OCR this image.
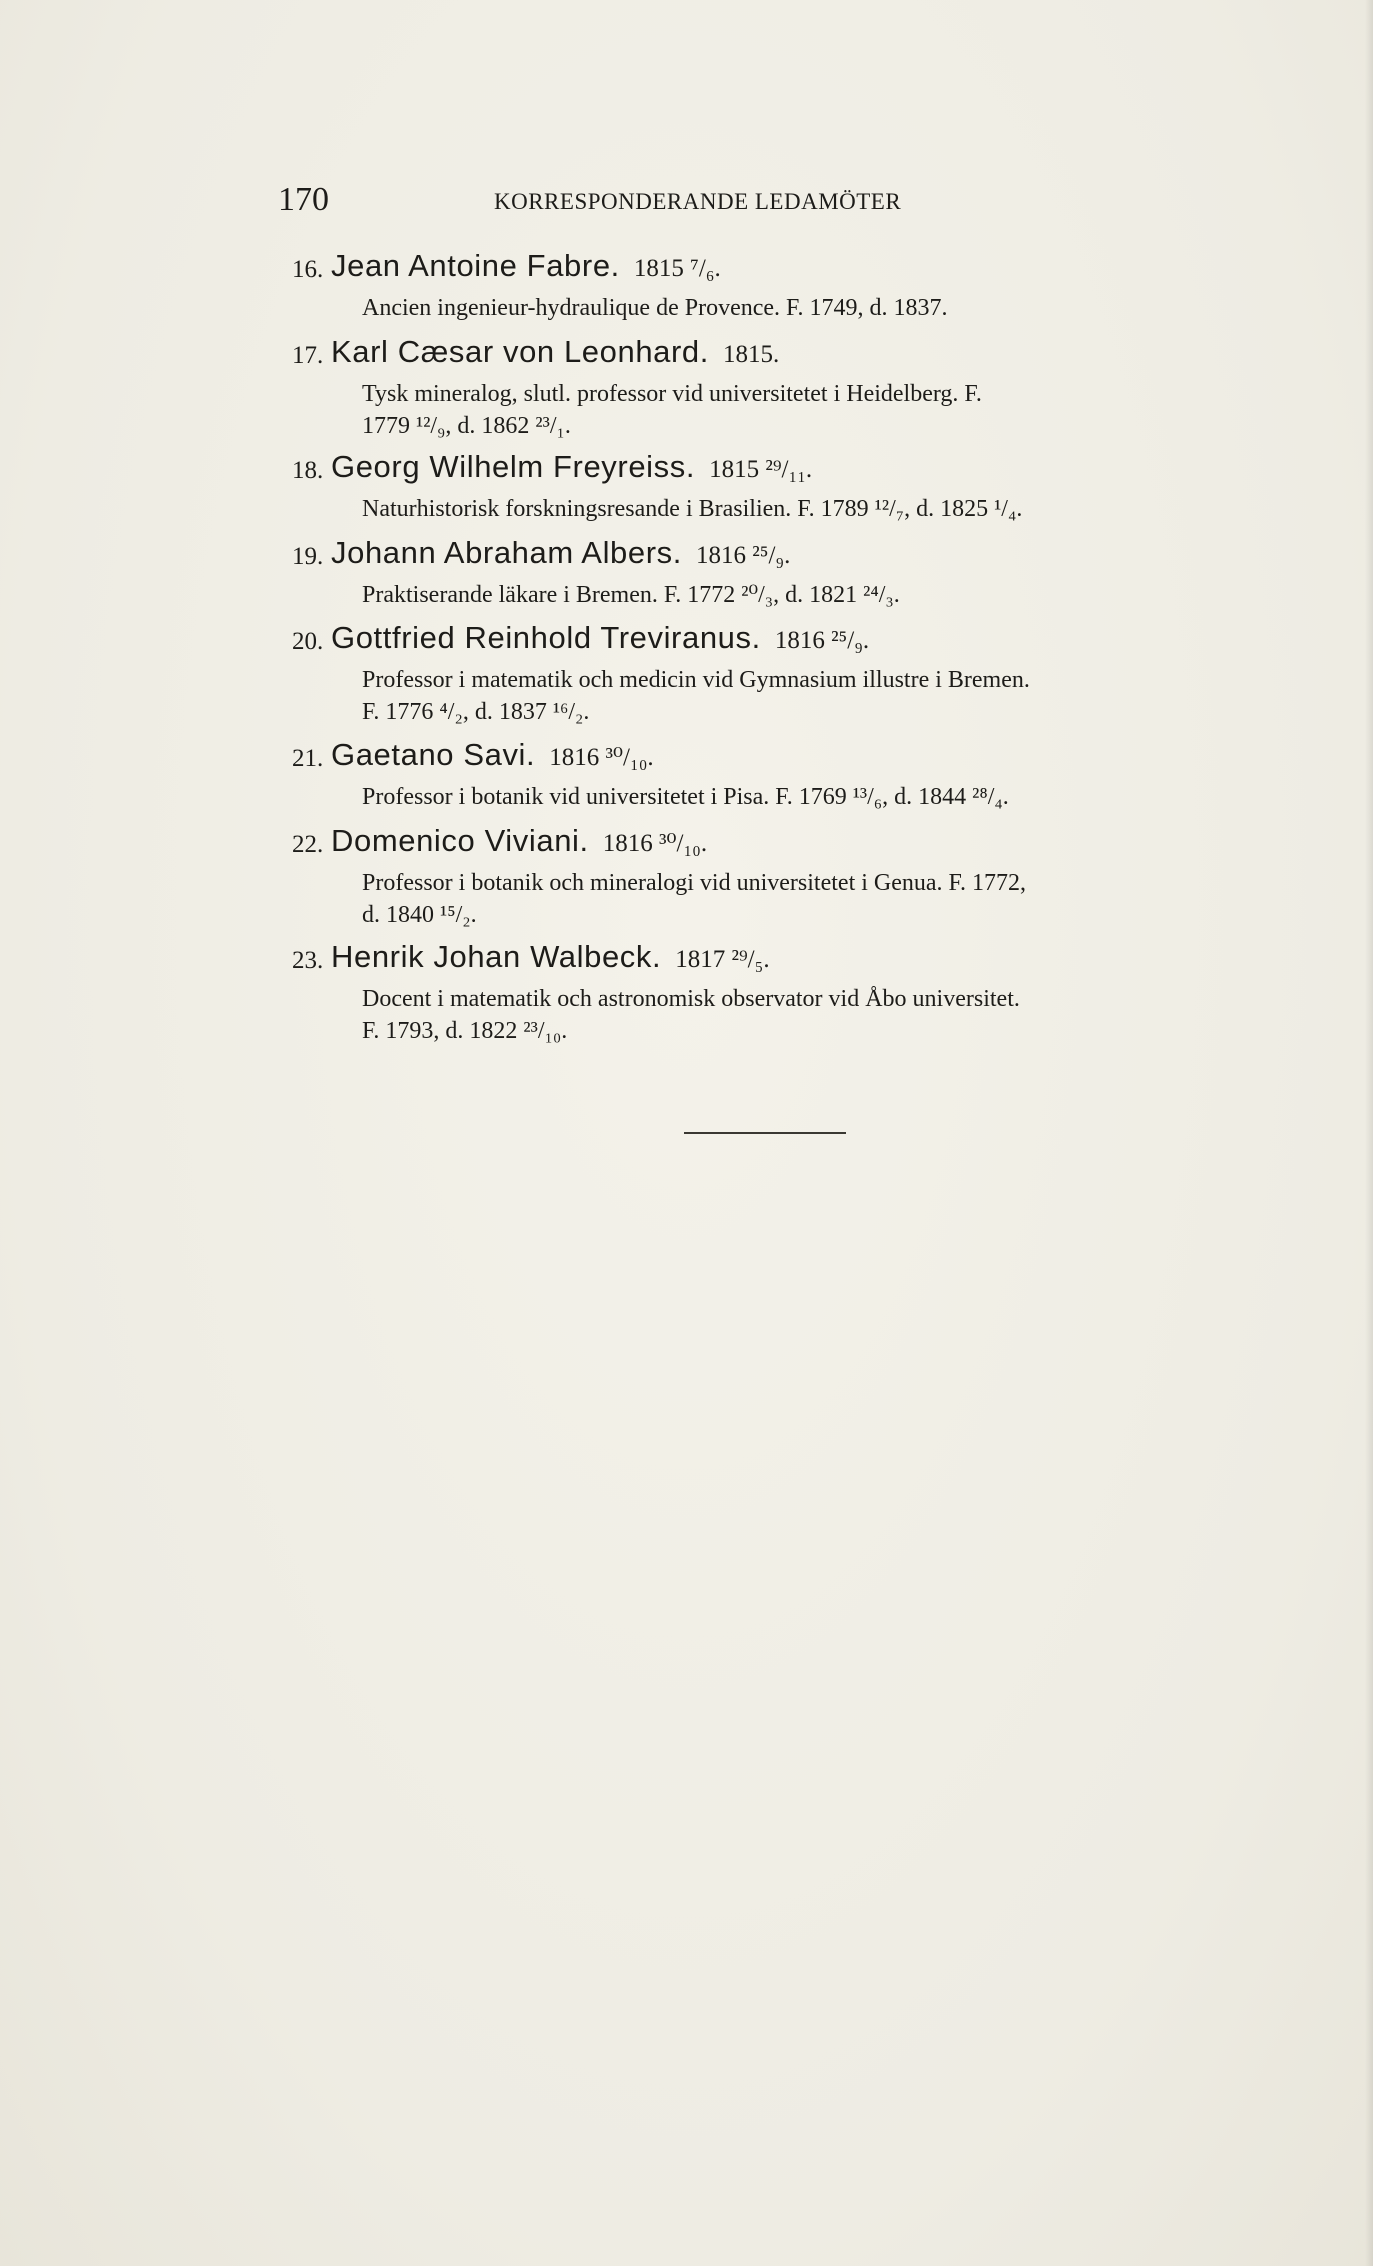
170	KORRESPONDERANDE LEDAMÖTER
16. Jean Antoine Fabre. 1815 ⁷/₆.
Ancien ingenieur-hydraulique de Provence. F. 1749, d. 1837.
17. Karl Cæsar von Leonhard. 1815.
Tysk mineralog, slutl. professor vid universitetet i Heidelberg. F.
1779 ¹²/₉, d. 1862 ²³/₁.
18. Georg Wilhelm Freyreiss. 1815 ²⁹/₁₁.
Naturhistorisk forskningsresande i Brasilien. F. 1789 ¹²/₇, d. 1825 ¹/₄.
19. Johann Abraham Albers. 1816 ²⁵/₉.
Praktiserande läkare i Bremen. F. 1772 ²⁰/₃, d. 1821 ²⁴/₃.
20. Gottfried Reinhold Treviranus. 1816 ²⁵/₉.
Professor i matematik och medicin vid Gymnasium illustre i Bremen.
F. 1776 ⁴/₂, d. 1837 ¹⁶/₂.
21. Gaetano Savi. 1816 ³⁰/₁₀.
Professor i botanik vid universitetet i Pisa. F. 1769 ¹³/₆, d. 1844 ²⁸/₄.
22. Domenico Viviani. 1816 ³⁰/₁₀.
Professor i botanik och mineralogi vid universitetet i Genua. F. 1772,
d. 1840 ¹⁵/₂.
23. Henrik Johan Walbeck. 1817 ²⁹/₅.
Docent i matematik och astronomisk observator vid Åbo universitet.
F. 1793, d. 1822 ²³/₁₀.
